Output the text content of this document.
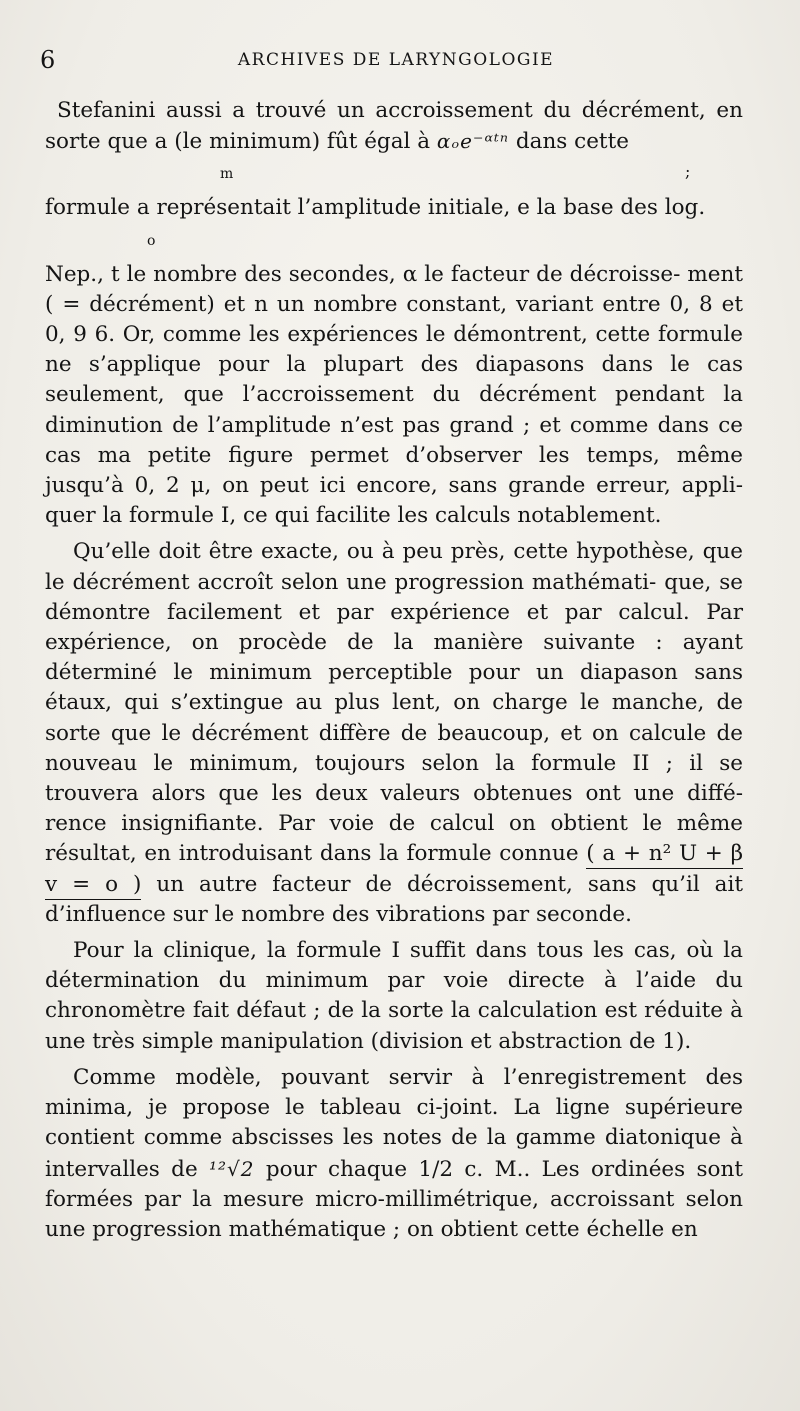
6	ARCHIVES DE LARYNGOLOGIE

Stefanini aussi a trouvé un accroissement du décrément, en sorte que a (le minimum) fût égal à αₒe⁻ᵅᵗⁿ dans cette

m	;

formule a représentait l’amplitude initiale, e la base des log.

o

Nep., t le nombre des secondes, α le facteur de décroisse- ment ( = décrément) et n un nombre constant, variant entre 0, 8 et 0, 9 6. Or, comme les expériences le démontrent, cette formule ne s’applique pour la plupart des diapasons dans le cas seulement, que l’accroissement du décrément pendant la diminution de l’amplitude n’est pas grand ; et comme dans ce cas ma petite figure permet d’observer les temps, même jusqu’à 0, 2 μ, on peut ici encore, sans grande erreur, appli- quer la formule I, ce qui facilite les calculs notablement.

Qu’elle doit être exacte, ou à peu près, cette hypothèse, que le décrément accroît selon une progression mathémati- que, se démontre facilement et par expérience et par calcul. Par expérience, on procède de la manière suivante : ayant déterminé le minimum perceptible pour un diapason sans étaux, qui s’extingue au plus lent, on charge le manche, de sorte que le décrément diffère de beaucoup, et on calcule de nouveau le minimum, toujours selon la formule II ; il se trouvera alors que les deux valeurs obtenues ont une diffé- rence insignifiante. Par voie de calcul on obtient le même résultat, en introduisant dans la formule connue ( a + n² U + β v = o ) un autre facteur de décroissement, sans qu’il ait d’influence sur le nombre des vibrations par seconde.

Pour la clinique, la formule I suffit dans tous les cas, où la détermination du minimum par voie directe à l’aide du chronomètre fait défaut ; de la sorte la calculation est réduite à une très simple manipulation (division et abstraction de 1).

Comme modèle, pouvant servir à l’enregistrement des minima, je propose le tableau ci-joint. La ligne supérieure contient comme abscisses les notes de la gamme diatonique à intervalles de ¹²√2 pour chaque 1/2 c. M.. Les ordinées sont formées par la mesure micro-millimétrique, accroissant selon une progression mathématique ; on obtient cette échelle en
